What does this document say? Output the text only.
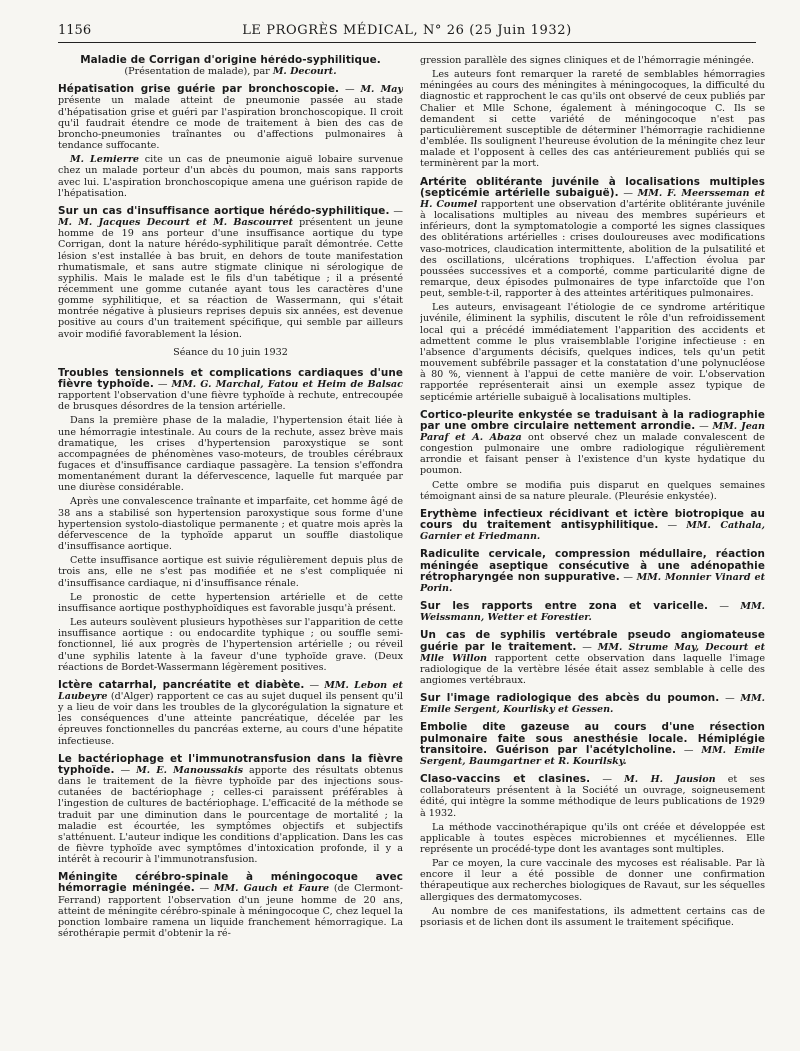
1156	LE PROGRÈS MÉDICAL, N° 26 (25 Juin 1932)

Maladie de Corrigan d'origine hérédo-syphilitique. (Présentation de malade), par M. Decourt.

Hépatisation grise guérie par bronchoscopie. — M. May présente un malade atteint de pneumonie passée au stade d'hépatisation grise et guéri par l'aspiration bronchoscopique. Il croit qu'il faudrait étendre ce mode de traitement à bien des cas de broncho-pneumonies traînantes ou d'affections pulmonaires à tendance suffocante.

M. Lemierre cite un cas de pneumonie aiguë lobaire survenue chez un malade porteur d'un abcès du poumon, mais sans rapports avec lui. L'aspiration bronchoscopique amena une guérison rapide de l'hépatisation.

Sur un cas d'insuffisance aortique hérédo-syphilitique. — M. M. Jacques Decourt et M. Bascourret présentent un jeune homme de 19 ans porteur d'une insuffisance aortique du type Corrigan, dont la nature hérédo-syphilitique paraît démontrée. Cette lésion s'est installée à bas bruit, en dehors de toute manifestation rhumatismale, et sans autre stigmate clinique ni sérologique de syphilis. Mais le malade est le fils d'un tabétique ; il a présenté récemment une gomme cutanée ayant tous les caractères d'une gomme syphilitique, et sa réaction de Wassermann, qui s'était montrée négative à plusieurs reprises depuis six années, est devenue positive au cours d'un traitement spécifique, qui semble par ailleurs avoir modifié favorablement la lésion.

Séance du 10 juin 1932

Troubles tensionnels et complications cardiaques d'une fièvre typhoïde. — MM. G. Marchal, Fatou et Heim de Balsac rapportent l'observation d'une fièvre typhoïde à rechute, entrecoupée de brusques désordres de la tension artérielle.

Dans la première phase de la maladie, l'hypertension était liée à une hémorragie intestinale. Au cours de la rechute, assez brève mais dramatique, les crises d'hypertension paroxystique se sont accompagnées de phénomènes vaso-moteurs, de troubles cérébraux fugaces et d'insuffisance cardiaque passagère. La tension s'effondra momentanément durant la défervescence, laquelle fut marquée par une diurèse considérable.

Après une convalescence traînante et imparfaite, cet homme âgé de 38 ans a stabilisé son hypertension paroxystique sous forme d'une hypertension systolo-diastolique permanente ; et quatre mois après la défervescence de la typhoïde apparut un souffle diastolique d'insuffisance aortique.

Cette insuffisance aortique est suivie régulièrement depuis plus de trois ans, elle ne s'est pas modifiée et ne s'est compliquée ni d'insuffisance cardiaque, ni d'insuffisance rénale.

Le pronostic de cette hypertension artérielle et de cette insuffisance aortique posthyphoïdiques est favorable jusqu'à présent.

Les auteurs soulèvent plusieurs hypothèses sur l'apparition de cette insuffisance aortique : ou endocardite typhique ; ou souffle semi-fonctionnel, lié aux progrès de l'hypertension artérielle ; ou réveil d'une syphilis latente à la faveur d'une typhoïde grave. (Deux réactions de Bordet-Wassermann légèrement positives.

Ictère catarrhal, pancréatite et diabète. — MM. Lebon et Laubeyre (d'Alger) rapportent ce cas au sujet duquel ils pensent qu'il y a lieu de voir dans les troubles de la glycorégulation la signature et les conséquences d'une atteinte pancréatique, décelée par les épreuves fonctionnelles du pancréas externe, au cours d'une hépatite infectieuse.

Le bactériophage et l'immunotransfusion dans la fièvre typhoïde. — M. E. Manoussakis apporte des résultats obtenus dans le traitement de la fièvre typhoïde par des injections sous-cutanées de bactériophage ; celles-ci paraissent préférables à l'ingestion de cultures de bactériophage. L'efficacité de la méthode se traduit par une diminution dans le pourcentage de mortalité ; la maladie est écourtée, les symptômes objectifs et subjectifs s'atténuent. L'auteur indique les conditions d'application. Dans les cas de fièvre typhoïde avec symptômes d'intoxication profonde, il y a intérêt à recourir à l'immunotransfusion.

Méningite cérébro-spinale à méningocoque avec hémorragie méningée. — MM. Gauch et Faure (de Clermont-Ferrand) rapportent l'observation d'un jeune homme de 20 ans, atteint de méningite cérébro-spinale à méningocoque C, chez lequel la ponction lombaire ramena un liquide franchement hémorragique. La sérothérapie permit d'obtenir la ré-

gression parallèle des signes cliniques et de l'hémorragie méningée.

Les auteurs font remarquer la rareté de semblables hémorragies méningées au cours des méningites à méningocoques, la difficulté du diagnostic et rapprochent le cas qu'ils ont observé de ceux publiés par Chalier et Mlle Schone, également à méningocoque C. Ils se demandent si cette variété de méningocoque n'est pas particulièrement susceptible de déterminer l'hémorragie rachidienne d'emblée. Ils soulignent l'heureuse évolution de la méningite chez leur malade et l'opposent à celles des cas antérieurement publiés qui se terminèrent par la mort.

Artérite oblitérante juvénile à localisations multiples (septicémie artérielle subaiguë). — MM. F. Meersseman et H. Coumel rapportent une observation d'artérite oblitérante juvénile à localisations multiples au niveau des membres supérieurs et inférieurs, dont la symptomatologie a comporté les signes classiques des oblitérations artérielles : crises douloureuses avec modifications vaso-motrices, claudication intermittente, abolition de la pulsatilité et des oscillations, ulcérations trophiques. L'affection évolua par poussées successives et a comporté, comme particularité digne de remarque, deux épisodes pulmonaires de type infarctoïde que l'on peut, semble-t-il, rapporter à des atteintes artéritiques pulmonaires.

Les auteurs, envisageant l'étiologie de ce syndrome artéritique juvénile, éliminent la syphilis, discutent le rôle d'un refroidissement local qui a précédé immédiatement l'apparition des accidents et admettent comme le plus vraisemblable l'origine infectieuse : en l'absence d'arguments décisifs, quelques indices, tels qu'un petit mouvement subfébrile passager et la constatation d'une polynucléose à 80 %, viennent à l'appui de cette manière de voir. L'observation rapportée représenterait ainsi un exemple assez typique de septicémie artérielle subaiguë à localisations multiples.

Cortico-pleurite enkystée se traduisant à la radiographie par une ombre circulaire nettement arrondie. — MM. Jean Paraf et A. Abaza ont observé chez un malade convalescent de congestion pulmonaire une ombre radiologique régulièrement arrondie et faisant penser à l'existence d'un kyste hydatique du poumon.

Cette ombre se modifia puis disparut en quelques semaines témoignant ainsi de sa nature pleurale. (Pleurésie enkystée).

Erythème infectieux récidivant et ictère biotropique au cours du traitement antisyphilitique. — MM. Cathala, Garnier et Friedmann.

Radiculite cervicale, compression médullaire, réaction méningée aseptique consécutive à une adénopathie rétropharyngée non suppurative. — MM. Monnier Vinard et Porin.

Sur les rapports entre zona et varicelle. — MM. Weissmann, Wetter et Forestier.

Un cas de syphilis vertébrale pseudo angiomateuse guérie par le traitement. — MM. Strume May, Decourt et Mlle Willon rapportent cette observation dans laquelle l'image radiologique de la vertèbre lésée était assez semblable à celle des angiomes vertébraux.

Sur l'image radiologique des abcès du poumon. — MM. Emile Sergent, Kourlisky et Gessen.

Embolie dite gazeuse au cours d'une résection pulmonaire faite sous anesthésie locale. Hémiplégie transitoire. Guérison par l'acétylcholine. — MM. Emile Sergent, Baumgartner et R. Kourilsky.

Claso-vaccins et clasines. — M. H. Jausion et ses collaborateurs présentent à la Société un ouvrage, soigneusement édité, qui intègre la somme méthodique de leurs publications de 1929 à 1932.

La méthode vaccinothérapique qu'ils ont créée et développée est applicable à toutes espèces microbiennes et mycéliennes. Elle représente un procédé-type dont les avantages sont multiples.

Par ce moyen, la cure vaccinale des mycoses est réalisable. Par là encore il leur a été possible de donner une confirmation thérapeutique aux recherches biologiques de Ravaut, sur les séquelles allergiques des dermatomycoses.

Au nombre de ces manifestations, ils admettent certains cas de psoriasis et de lichen dont ils assument le traitement spécifique.
